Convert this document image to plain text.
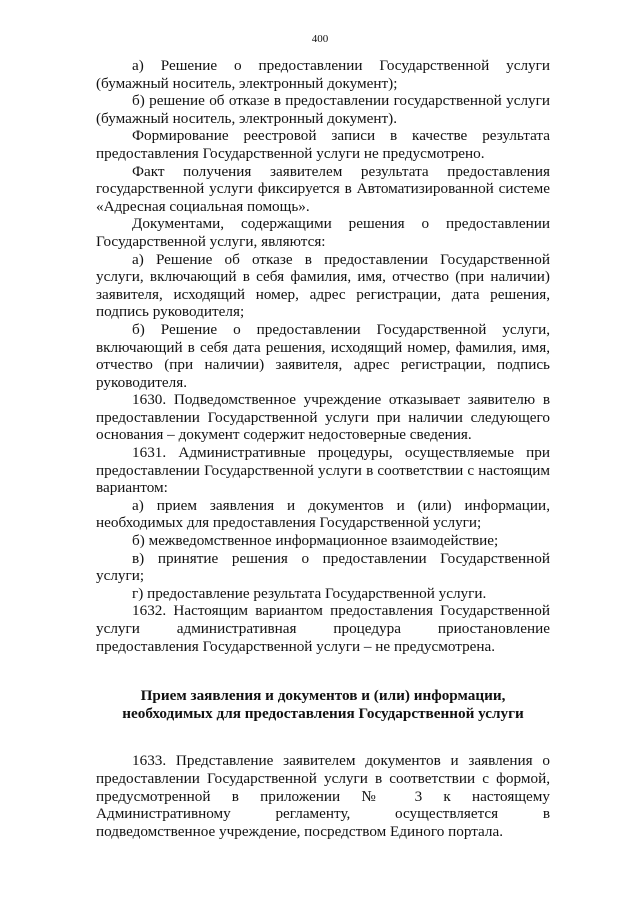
400

а) Решение о предоставлении Государственной услуги (бумажный носитель, электронный документ);

б) решение об отказе в предоставлении государственной услуги (бумажный носитель, электронный документ).

Формирование реестровой записи в качестве результата предоставления Государственной услуги не предусмотрено.

Факт получения заявителем результата предоставления государственной услуги фиксируется в Автоматизированной системе «Адресная социальная помощь».

Документами, содержащими решения о предоставлении Государственной услуги, являются:

а) Решение об отказе в предоставлении Государственной услуги, включающий в себя фамилия, имя, отчество (при наличии) заявителя, исходящий номер, адрес регистрации, дата решения, подпись руководителя;

б) Решение о предоставлении Государственной услуги, включающий в себя дата решения, исходящий номер, фамилия, имя, отчество (при наличии) заявителя, адрес регистрации, подпись руководителя.

1630. Подведомственное учреждение отказывает заявителю в предоставлении Государственной услуги при наличии следующего основания – документ содержит недостоверные сведения.

1631. Административные процедуры, осуществляемые при предоставлении Государственной услуги в соответствии с настоящим вариантом:

а) прием заявления и документов и (или) информации, необходимых для предоставления Государственной услуги;

б) межведомственное информационное взаимодействие;

в) принятие решения о предоставлении Государственной услуги;

г) предоставление результата Государственной услуги.

1632. Настоящим вариантом предоставления Государственной услуги административная процедура приостановление предоставления Государственной услуги – не предусмотрена.

Прием заявления и документов и (или) информации, необходимых для предоставления Государственной услуги

1633. Представление заявителем документов и заявления о предоставлении Государственной услуги в соответствии с формой, предусмотренной в приложении № 3 к настоящему Административному регламенту, осуществляется в подведомственное учреждение, посредством Единого портала.
